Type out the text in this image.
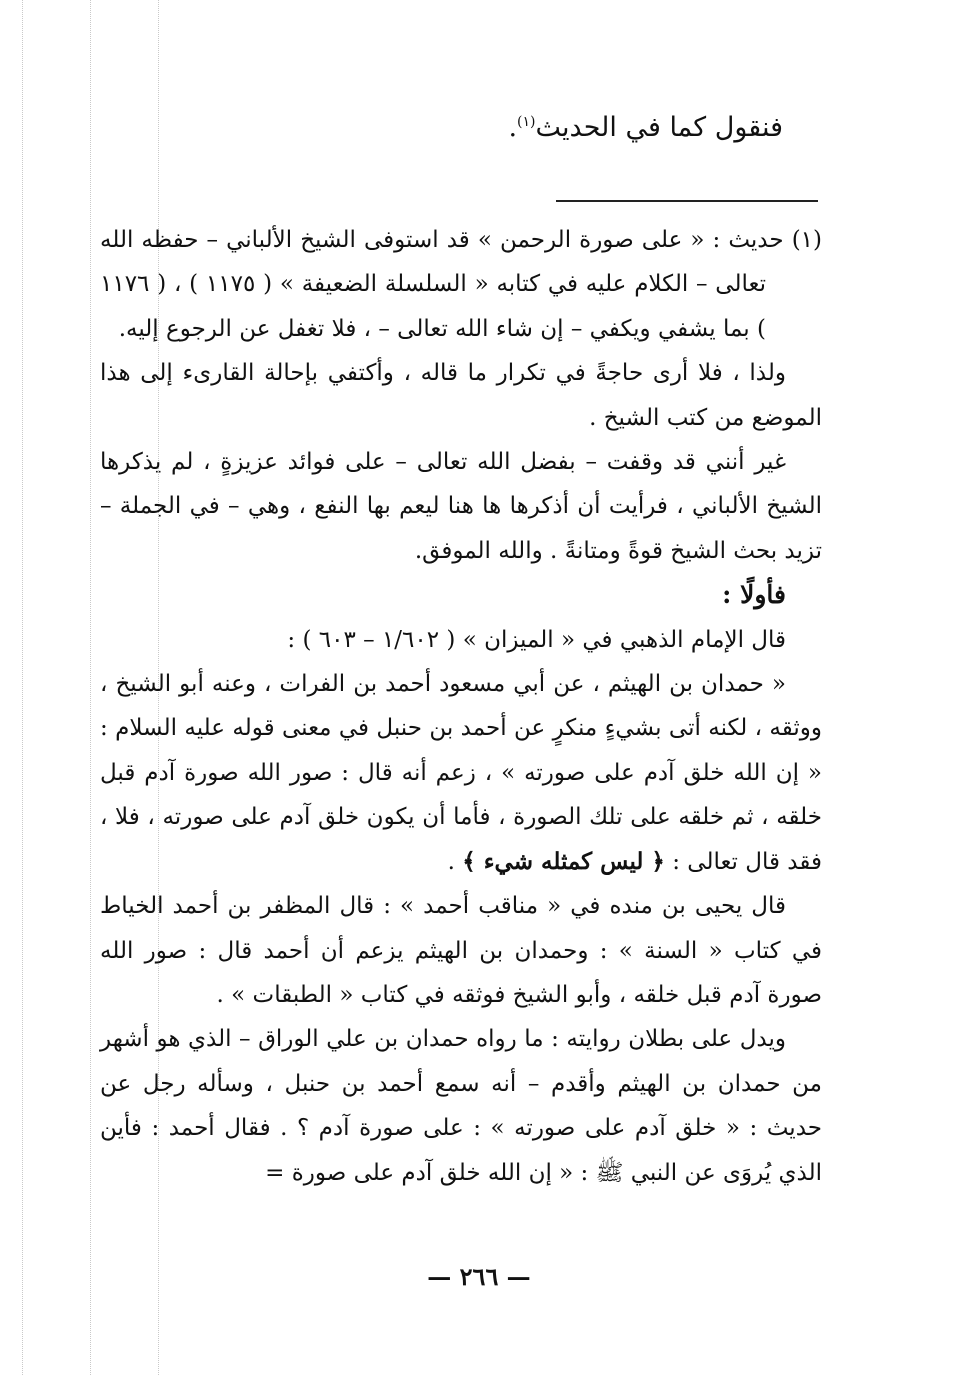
فنقول كما في الحديث$^{(١)}$.

(١) حديث : « على صورة الرحمن » قد استوفى الشيخ الألباني – حفظه الله تعالى – الكلام عليه في كتابه « السلسلة الضعيفة » ( ١١٧٥ ) ، ( ١١٧٦ ) بما يشفي ويكفي – إن شاء الله تعالى – ، فلا تغفل عن الرجوع إليه.

ولذا ، فلا أرى حاجةً في تكرار ما قاله ، وأكتفي بإحالة القارىء إلى هذا الموضع من كتب الشيخ .

غير أنني قد وقفت – بفضل الله تعالى – على فوائد عزيزةٍ ، لم يذكرها الشيخ الألباني ، فرأيت أن أذكرها ها هنا ليعم بها النفع ، وهي – في الجملة – تزيد بحث الشيخ قوةً ومتانةً . والله الموفق.

فأولًا :

قال الإمام الذهبي في « الميزان » ( ١/٦٠٢ – ٦٠٣ ) :

« حمدان بن الهيثم ، عن أبي مسعود أحمد بن الفرات ، وعنه أبو الشيخ ، ووثقه ، لكنه أتى بشيءٍ منكرٍ عن أحمد بن حنبل في معنى قوله عليه السلام : « إن الله خلق آدم على صورته » ، زعم أنه قال : صور الله صورة آدم قبل خلقه ، ثم خلقه على تلك الصورة ، فأما أن يكون خلق آدم على صورته ، فلا ، فقد قال تعالى : ﴿ ليس كمثله شيء ﴾ .

قال يحيى بن منده في « مناقب أحمد » : قال المظفر بن أحمد الخياط في كتاب « السنة » : وحمدان بن الهيثم يزعم أن أحمد قال : صور الله صورة آدم قبل خلقه ، وأبو الشيخ فوثقه في كتاب « الطبقات » .

ويدل على بطلان روايته : ما رواه حمدان بن علي الوراق – الذي هو أشهر من حمدان بن الهيثم وأقدم – أنه سمع أحمد بن حنبل ، وسأله رجل عن حديث : « خلق آدم على صورته » : على صورة آدم ؟ . فقال أحمد : فأين الذي يُروَى عن النبي ﷺ : « إن الله خلق آدم على صورة =

— ٢٦٦ —
